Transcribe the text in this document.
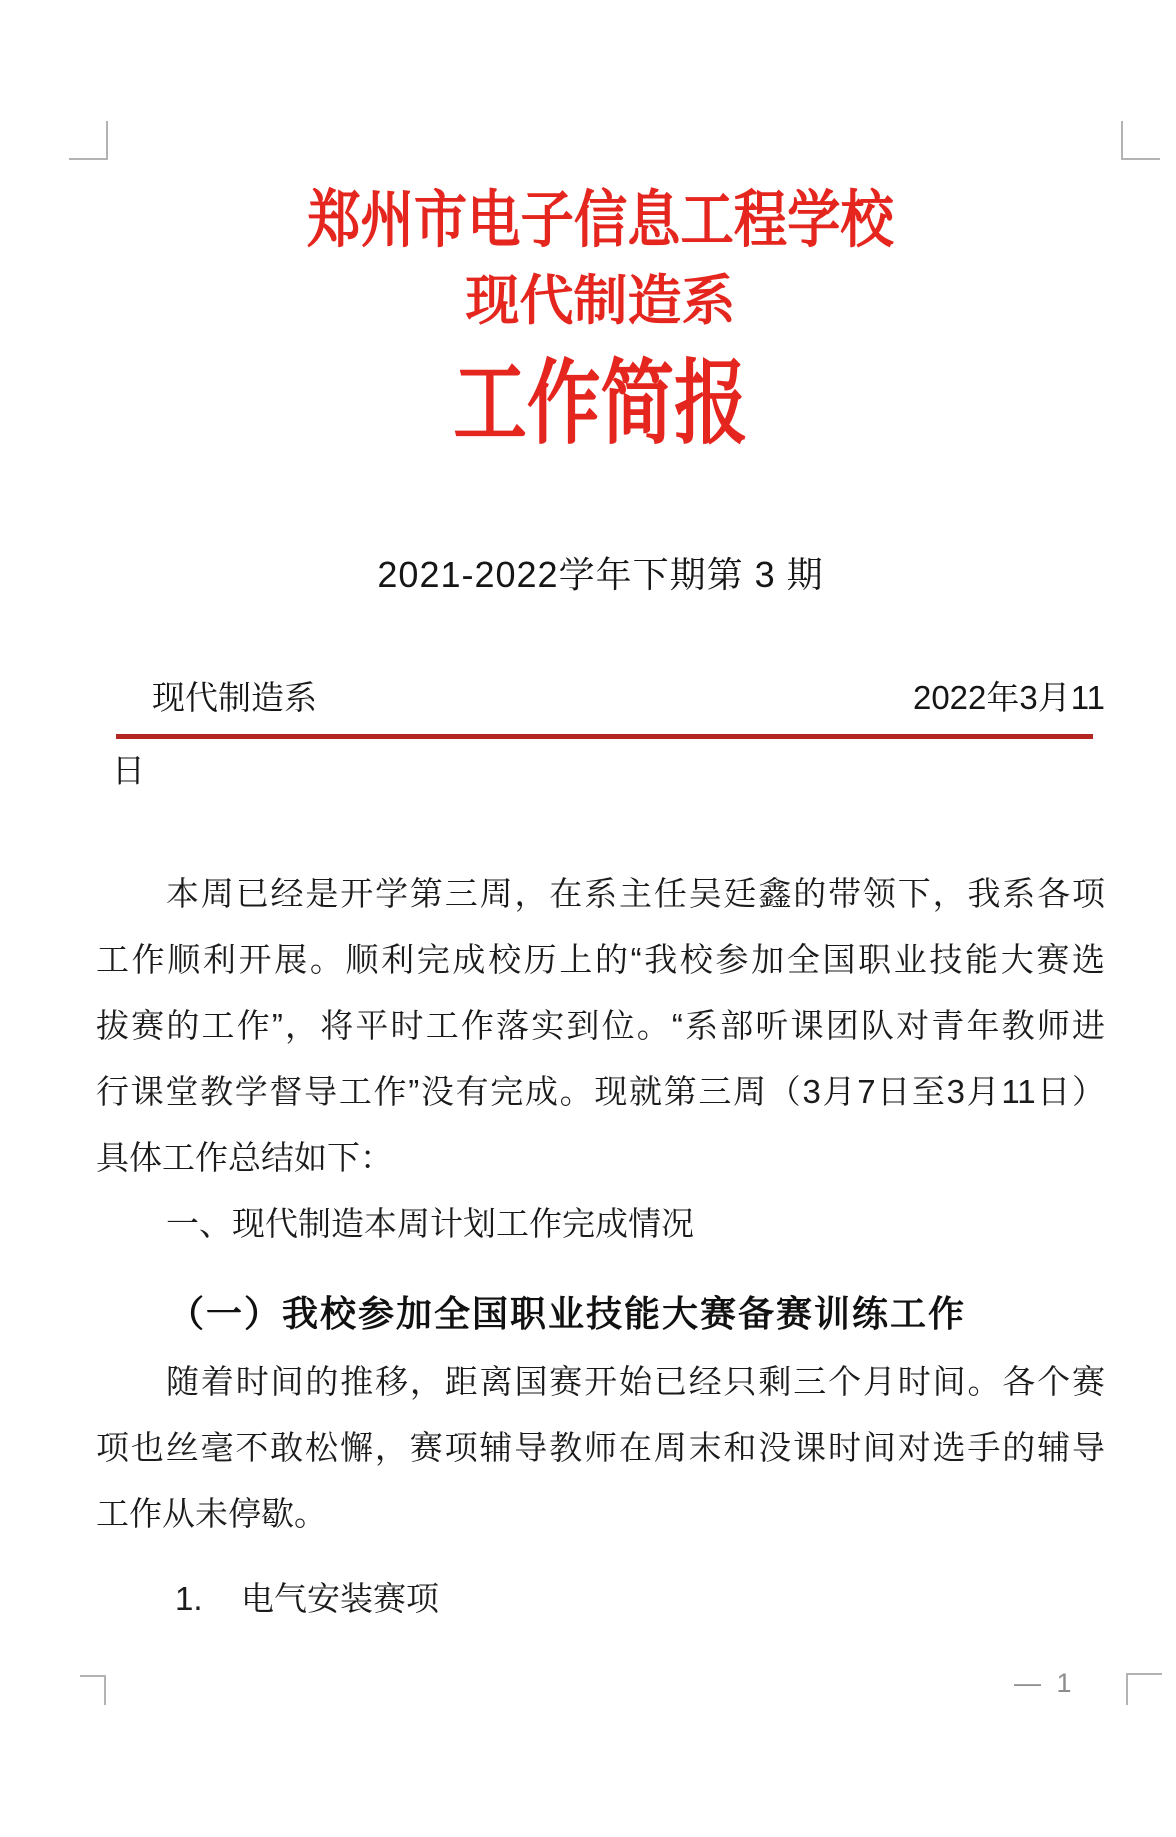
郑州市电子信息工程学校
现代制造系
工作简报
2021-2022学年下期第 3 期
现代制造系	2022年3月11
日
本周已经是开学第三周，在系主任吴廷鑫的带领下，我系各项
工作顺利开展。顺利完成校历上的“我校参加全国职业技能大赛选
拔赛的工作”，将平时工作落实到位。“系部听课团队对青年教师进
行课堂教学督导工作”没有完成。现就第三周（3月7日至3月11日）
具体工作总结如下：
一、现代制造本周计划工作完成情况
（一）我校参加全国职业技能大赛备赛训练工作
随着时间的推移，距离国赛开始已经只剩三个月时间。各个赛
项也丝毫不敢松懈，赛项辅导教师在周末和没课时间对选手的辅导
工作从未停歇。
1. 电气安装赛项
— 1
